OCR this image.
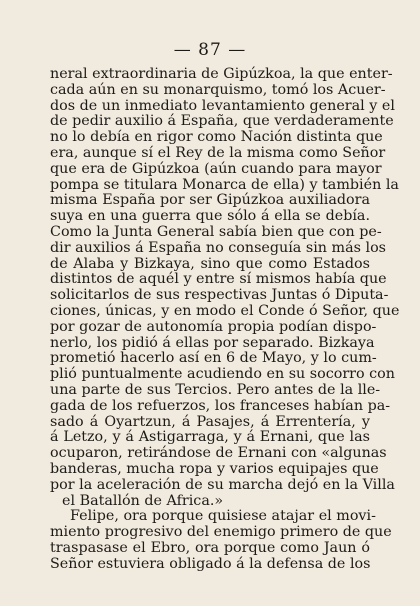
— 87 —
neral extraordinaria de Gipúzkoa, la que enter-
cada aún en su monarquismo, tomó los Acuer-
dos de un inmediato levantamiento general y el
de pedir auxilio á España, que verdaderamente
no lo debía en rigor como Nación distinta que
era, aunque sí el Rey de la misma como Señor
que era de Gipúzkoa (aún cuando para mayor
pompa se titulara Monarca de ella) y también la
misma España por ser Gipúzkoa auxiliadora
suya en una guerra que sólo á ella se debía.
Como la Junta General sabía bien que con pe-
dir auxilios á España no conseguía sin más los
de Alaba y Bizkaya, sino que como Estados
distintos de aquél y entre sí mismos había que
solicitarlos de sus respectivas Juntas ó Diputa-
ciones, únicas, y en modo el Conde ó Señor, que
por gozar de autonomía propia podían dispo-
nerlo, los pidió á ellas por separado. Bizkaya
prometió hacerlo así en 6 de Mayo, y lo cum-
plió puntualmente acudiendo en su socorro con
una parte de sus Tercios. Pero antes de la lle-
gada de los refuerzos, los franceses habían pa-
sado á Oyartzun, á Pasajes, á Errentería, y
á Letzo, y á Astigarraga, y á Ernani, que las
ocuparon, retirándose de Ernani con «algunas
banderas, mucha ropa y varios equipajes que
por la aceleración de su marcha dejó en la Villa
el Batallón de Africa.»
Felipe, ora porque quisiese atajar el movi-
miento progresivo del enemigo primero de que
traspasase el Ebro, ora porque como Jaun ó
Señor estuviera obligado á la defensa de los
